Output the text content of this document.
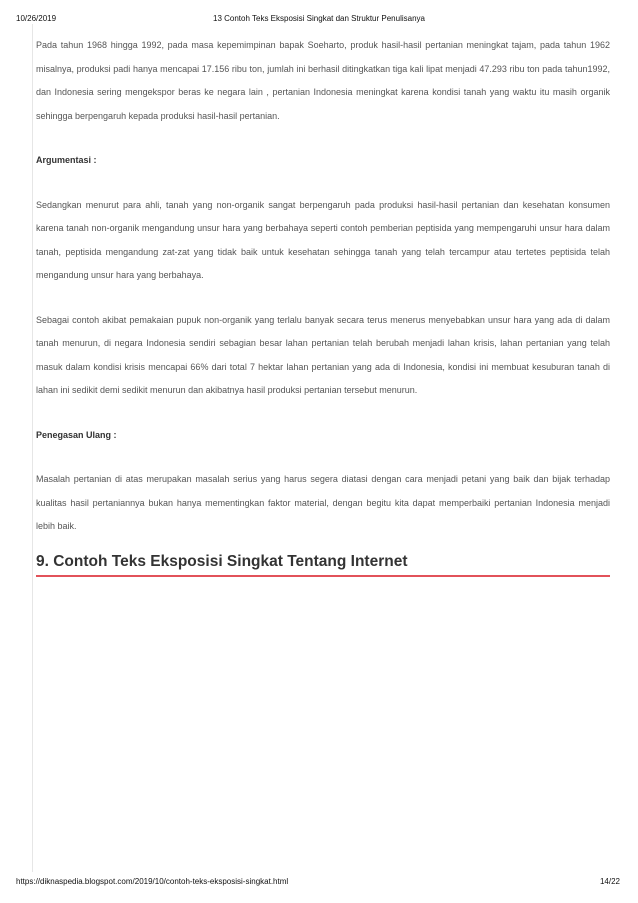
13 Contoh Teks Eksposisi Singkat dan Struktur Penulisanya
10/26/2019

Pada tahun 1968 hingga 1992, pada masa kepemimpinan bapak Soeharto, produk hasil-hasil pertanian meningkat tajam, pada tahun 1962 misalnya, produksi padi hanya mencapai 17.156 ribu ton, jumlah ini berhasil ditingkatkan tiga kali lipat menjadi 47.293 ribu ton pada tahun1992, dan Indonesia sering mengekspor beras ke negara lain , pertanian Indonesia meningkat karena kondisi tanah yang waktu itu masih organik sehingga berpengaruh kepada produksi hasil-hasil pertanian.

Argumentasi :

Sedangkan menurut para ahli, tanah yang non-organik sangat berpengaruh pada produksi hasil-hasil pertanian dan kesehatan konsumen karena tanah non-organik mengandung unsur hara yang berbahaya seperti contoh pemberian peptisida yang mempengaruhi unsur hara dalam tanah, peptisida mengandung zat-zat yang tidak baik untuk kesehatan sehingga tanah yang telah tercampur atau tertetes peptisida telah mengandung unsur hara yang berbahaya.

Sebagai contoh akibat pemakaian pupuk non-organik yang terlalu banyak secara terus menerus menyebabkan unsur hara yang ada di dalam tanah menurun, di negara Indonesia sendiri sebagian besar lahan pertanian telah berubah menjadi lahan krisis, lahan pertanian yang telah masuk dalam kondisi krisis mencapai 66% dari total 7 hektar lahan pertanian yang ada di Indonesia, kondisi ini membuat kesuburan tanah di lahan ini sedikit demi sedikit menurun dan akibatnya hasil produksi pertanian tersebut menurun.

Penegasan Ulang :

Masalah pertanian di atas merupakan masalah serius yang harus segera diatasi dengan cara menjadi petani yang baik dan bijak terhadap kualitas hasil pertaniannya bukan hanya mementingkan faktor material, dengan begitu kita dapat memperbaiki pertanian Indonesia menjadi lebih baik.

9. Contoh Teks Eksposisi Singkat Tentang Internet
https://diknaspedia.blogspot.com/2019/10/contoh-teks-eksposisi-singkat.html	14/22
